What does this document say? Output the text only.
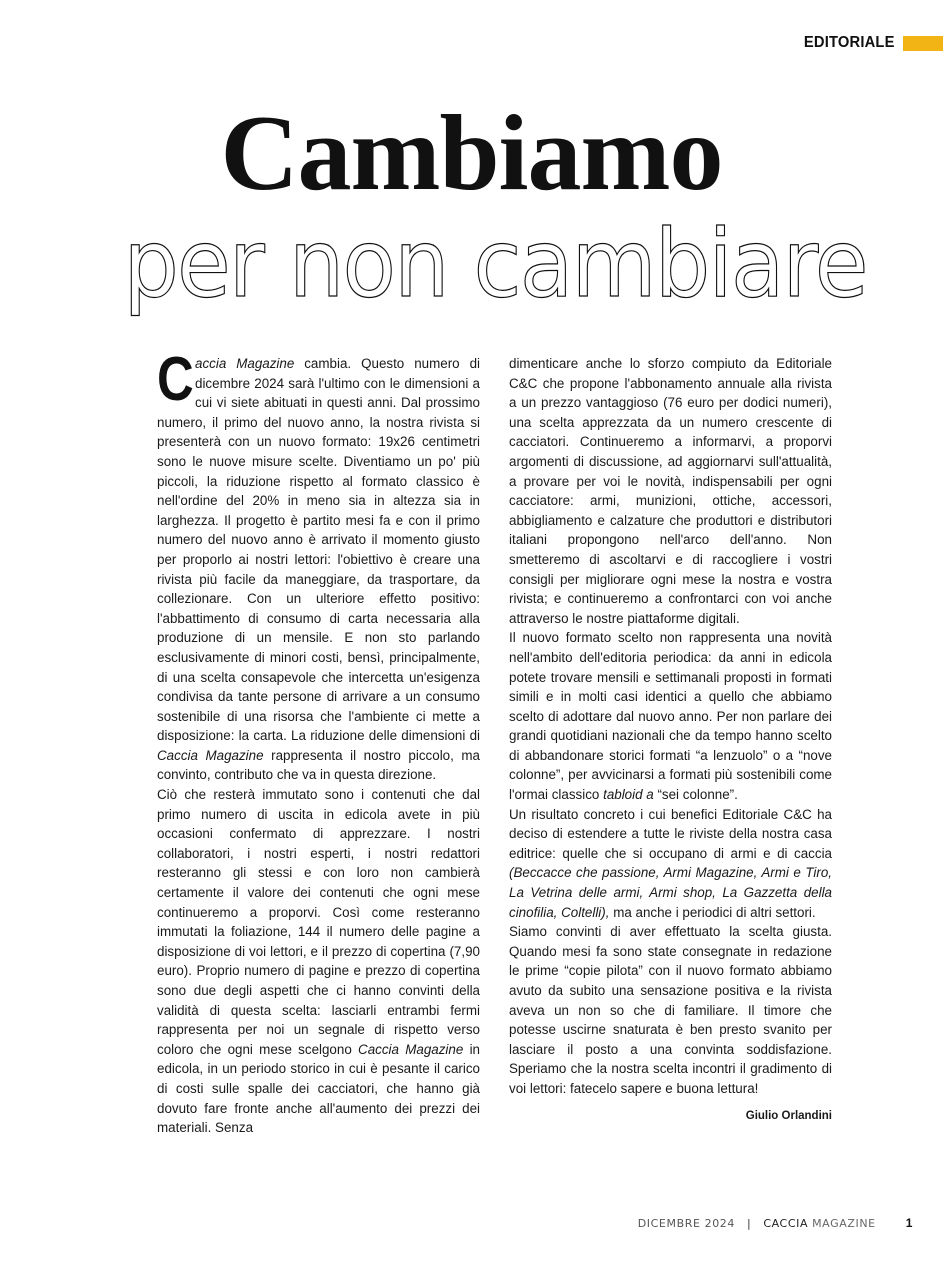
EDITORIALE
Cambiamo
per non cambiare

Caccia Magazine cambia. Questo numero di dicembre 2024 sarà l'ultimo con le dimensioni a cui vi siete abituati in questi anni. Dal prossimo numero, il primo del nuovo anno, la nostra rivista si presenterà con un nuovo formato: 19x26 centimetri sono le nuove misure scelte. Diventiamo un po' più piccoli, la riduzione rispetto al formato classico è nell'ordine del 20% in meno sia in altezza sia in larghezza. Il progetto è partito mesi fa e con il primo numero del nuovo anno è arrivato il momento giusto per proporlo ai nostri lettori: l'obiettivo è creare una rivista più facile da maneggiare, da trasportare, da collezionare. Con un ulteriore effetto positivo: l'abbattimento di consumo di carta necessaria alla produzione di un mensile. E non sto parlando esclusivamente di minori costi, bensì, principalmente, di una scelta consapevole che intercetta un'esigenza condivisa da tante persone di arrivare a un consumo sostenibile di una risorsa che l'ambiente ci mette a disposizione: la carta. La riduzione delle dimensioni di Caccia Magazine rappresenta il nostro piccolo, ma convinto, contributo che va in questa direzione.

Ciò che resterà immutato sono i contenuti che dal primo numero di uscita in edicola avete in più occasioni confermato di apprezzare. I nostri collaboratori, i nostri esperti, i nostri redattori resteranno gli stessi e con loro non cambierà certamente il valore dei contenuti che ogni mese continueremo a proporvi. Così come resteranno immutati la foliazione, 144 il numero delle pagine a disposizione di voi lettori, e il prezzo di copertina (7,90 euro). Proprio numero di pagine e prezzo di copertina sono due degli aspetti che ci hanno convinti della validità di questa scelta: lasciarli entrambi fermi rappresenta per noi un segnale di rispetto verso coloro che ogni mese scelgono Caccia Magazine in edicola, in un periodo storico in cui è pesante il carico di costi sulle spalle dei cacciatori, che hanno già dovuto fare fronte anche all'aumento dei prezzi dei materiali. Senza

dimenticare anche lo sforzo compiuto da Editoriale C&C che propone l'abbonamento annuale alla rivista a un prezzo vantaggioso (76 euro per dodici numeri), una scelta apprezzata da un numero crescente di cacciatori. Continueremo a informarvi, a proporvi argomenti di discussione, ad aggiornarvi sull'attualità, a provare per voi le novità, indispensabili per ogni cacciatore: armi, munizioni, ottiche, accessori, abbigliamento e calzature che produttori e distributori italiani propongono nell'arco dell'anno. Non smetteremo di ascoltarvi e di raccogliere i vostri consigli per migliorare ogni mese la nostra e vostra rivista; e continueremo a confrontarci con voi anche attraverso le nostre piattaforme digitali.

Il nuovo formato scelto non rappresenta una novità nell'ambito dell'editoria periodica: da anni in edicola potete trovare mensili e settimanali proposti in formati simili e in molti casi identici a quello che abbiamo scelto di adottare dal nuovo anno. Per non parlare dei grandi quotidiani nazionali che da tempo hanno scelto di abbandonare storici formati “a lenzuolo” o a “nove colonne”, per avvicinarsi a formati più sostenibili come l'ormai classico tabloid a “sei colonne”.

Un risultato concreto i cui benefici Editoriale C&C ha deciso di estendere a tutte le riviste della nostra casa editrice: quelle che si occupano di armi e di caccia (Beccacce che passione, Armi Magazine, Armi e Tiro, La Vetrina delle armi, Armi shop, La Gazzetta della cinofilia, Coltelli), ma anche i periodici di altri settori.

Siamo convinti di aver effettuato la scelta giusta. Quando mesi fa sono state consegnate in redazione le prime “copie pilota” con il nuovo formato abbiamo avuto da subito una sensazione positiva e la rivista aveva un non so che di familiare. Il timore che potesse uscirne snaturata è ben presto svanito per lasciare il posto a una convinta soddisfazione. Speriamo che la nostra scelta incontri il gradimento di voi lettori: fatecelo sapere e buona lettura!

Giulio Orlandini
DICEMBRE 2024 | CACCIA MAGAZINE	1
